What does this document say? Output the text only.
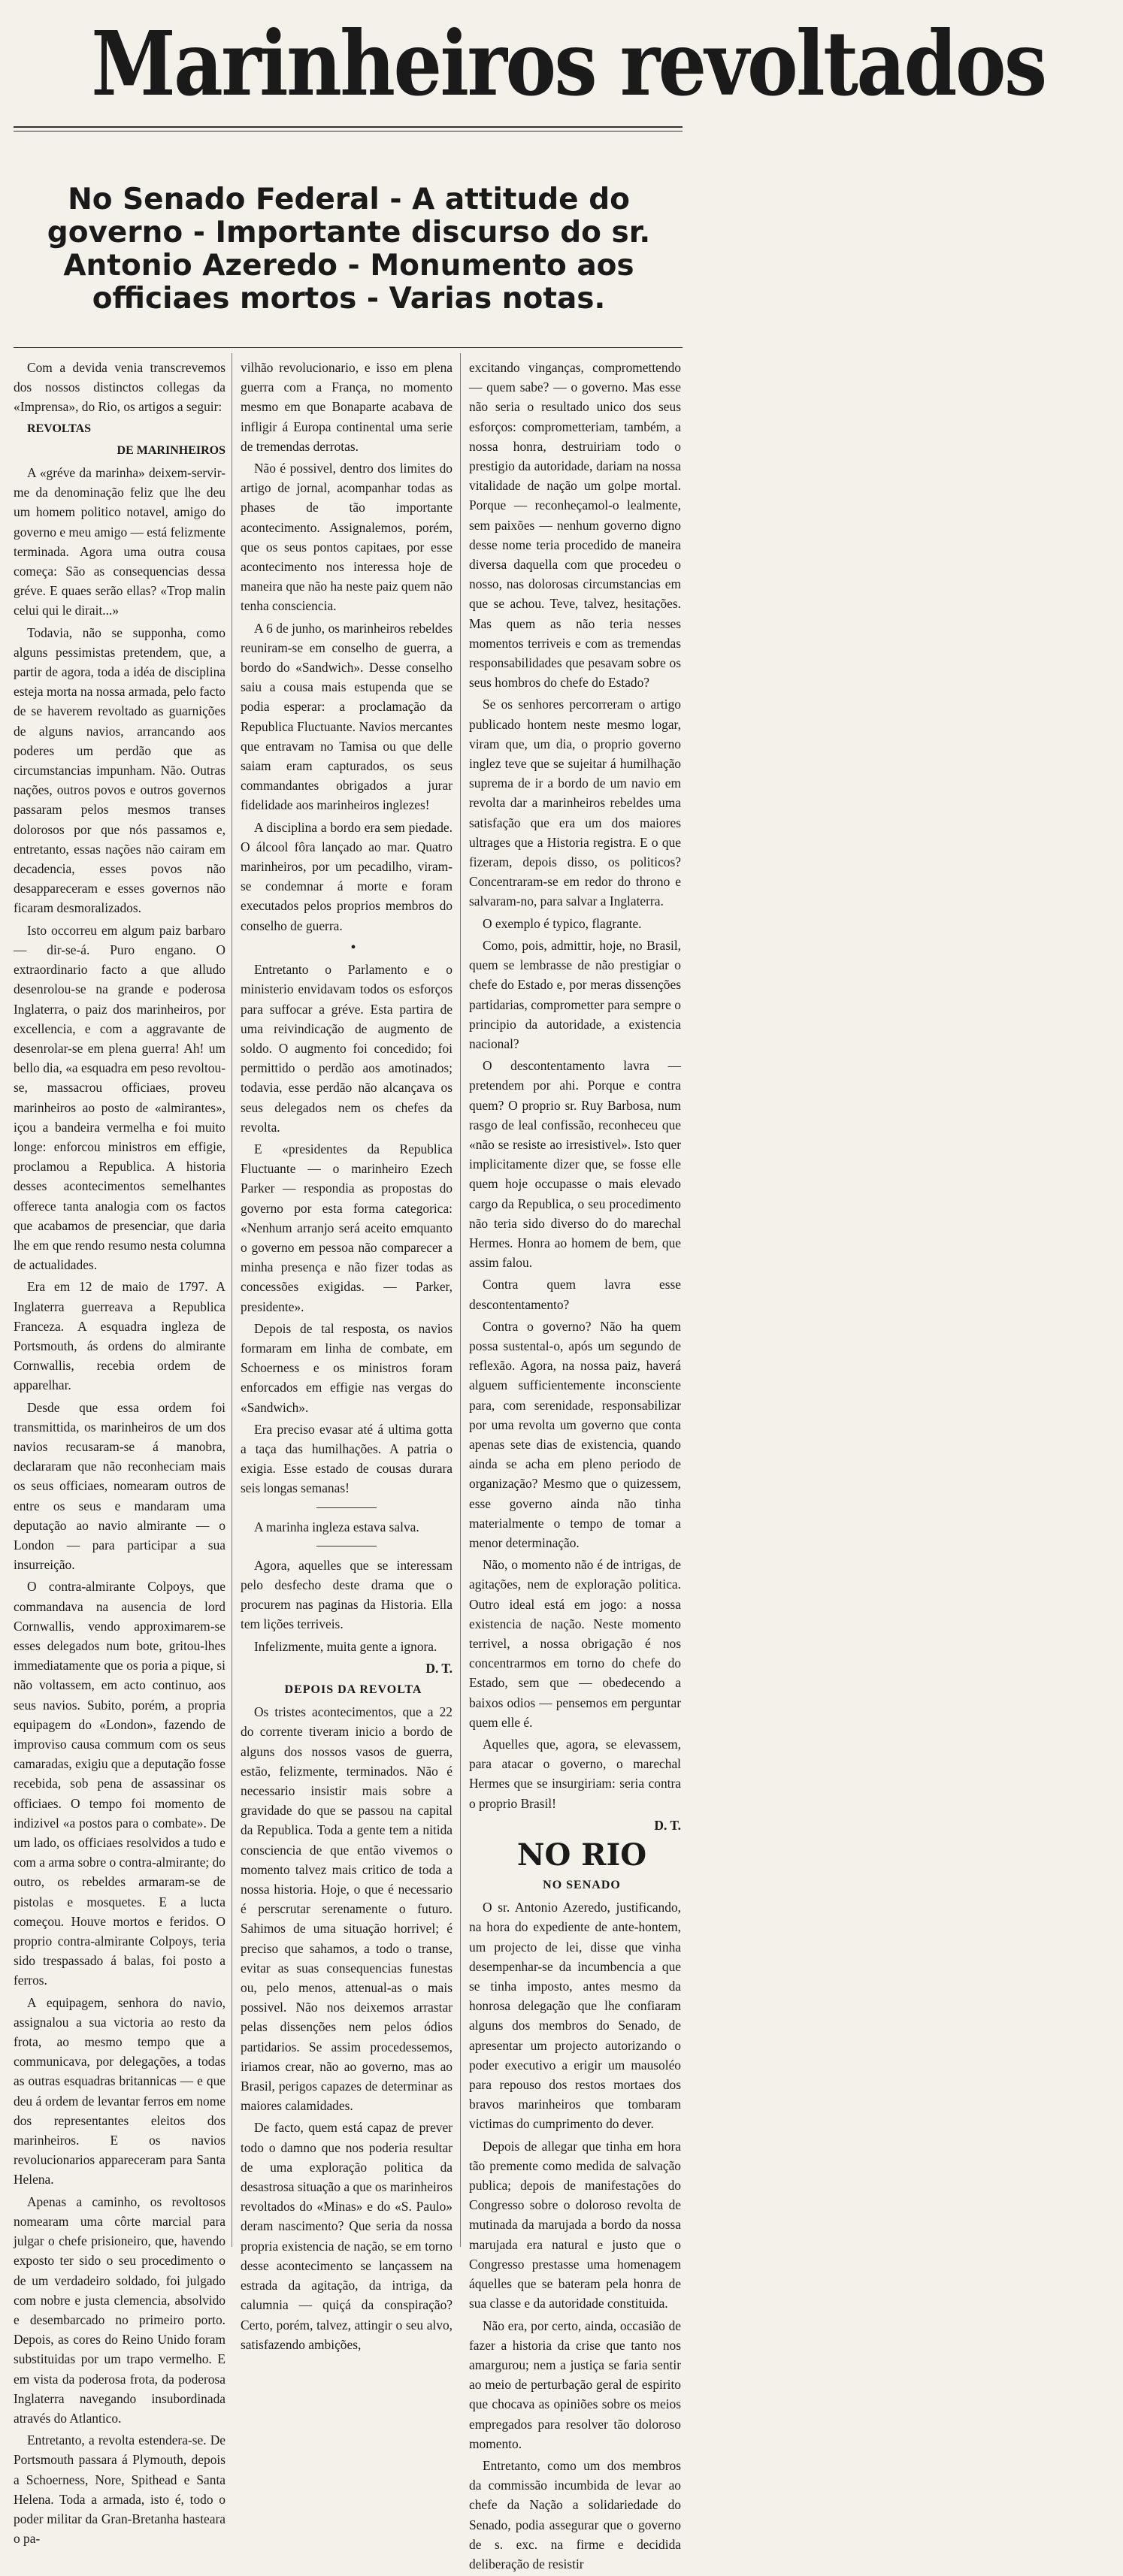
Marinheiros revoltados
No Senado Federal - A attitude do governo - Importante discurso do sr. Antonio Azeredo - Monumento aos officiaes mortos - Varias notas.

Com a devida venia transcrevemos dos nossos distinctos collegas da «Imprensa», do Rio, os artigos a seguir:

REVOLTAS

DE MARINHEIROS

A «gréve da marinha» deixem-servir-me da denominação feliz que lhe deu um homem politico notavel, amigo do governo e meu amigo — está felizmente terminada. Agora uma outra cousa começa: São as consequencias dessa gréve. E quaes serão ellas? «Trop malin celui qui le dirait...»

Todavia, não se supponha, como alguns pessimistas pretendem, que, a partir de agora, toda a idéa de disciplina esteja morta na nossa armada, pelo facto de se haverem revoltado as guarnições de alguns navios, arrancando aos poderes um perdão que as circumstancias impunham. Não. Outras nações, outros povos e outros governos passaram pelos mesmos transes dolorosos por que nós passamos e, entretanto, essas nações não cairam em decadencia, esses povos não desappareceram e esses governos não ficaram desmoralizados.

Isto occorreu em algum paiz barbaro — dir-se-á. Puro engano. O extraordinario facto a que alludo desenrolou-se na grande e poderosa Inglaterra, o paiz dos marinheiros, por excellencia, e com a aggravante de desenrolar-se em plena guerra! Ah! um bello dia, «a esquadra em peso revoltou-se, massacrou officiaes, proveu marinheiros ao posto de «almirantes», içou a bandeira vermelha e foi muito longe: enforcou ministros em effigie, proclamou a Republica. A historia desses acontecimentos semelhantes offerece tanta analogia com os factos que acabamos de presenciar, que daria lhe em que rendo resumo nesta columna de actualidades.

Era em 12 de maio de 1797. A Inglaterra guerreava a Republica Franceza. A esquadra ingleza de Portsmouth, ás ordens do almirante Cornwallis, recebia ordem de apparelhar.

Desde que essa ordem foi transmittida, os marinheiros de um dos navios recusaram-se á manobra, declararam que não reconheciam mais os seus officiaes, nomearam outros de entre os seus e mandaram uma deputação ao navio almirante — o London — para participar a sua insurreição.

O contra-almirante Colpoys, que commandava na ausencia de lord Cornwallis, vendo approximarem-se esses delegados num bote, gritou-lhes immediatamente que os poria a pique, si não voltassem, em acto continuo, aos seus navios. Subito, porém, a propria equipagem do «London», fazendo de improviso causa commum com os seus camaradas, exigiu que a deputação fosse recebida, sob pena de assassinar os officiaes. O tempo foi momento de indizivel «a postos para o combate». De um lado, os officiaes resolvidos a tudo e com a arma sobre o contra-almirante; do outro, os rebeldes armaram-se de pistolas e mosquetes. E a lucta começou. Houve mortos e feridos. O proprio contra-almirante Colpoys, teria sido trespassado á balas, foi posto a ferros.

A equipagem, senhora do navio, assignalou a sua victoria ao resto da frota, ao mesmo tempo que a communicava, por delegações, a todas as outras esquadras britannicas — e que deu á ordem de levantar ferros em nome dos representantes eleitos dos marinheiros. E os navios revolucionarios appareceram para Santa Helena.

Apenas a caminho, os revoltosos nomearam uma côrte marcial para julgar o chefe prisioneiro, que, havendo exposto ter sido o seu procedimento o de um verdadeiro soldado, foi julgado com nobre e justa clemencia, absolvido e desembarcado no primeiro porto. Depois, as cores do Reino Unido foram substituidas por um trapo vermelho. E em vista da poderosa frota, da poderosa Inglaterra navegando insubordinada através do Atlantico.

Entretanto, a revolta estendera-se. De Portsmouth passara á Plymouth, depois a Schoerness, Nore, Spithead e Santa Helena. Toda a armada, isto é, todo o poder militar da Gran-Bretanha hasteara o pa-

vilhão revolucionario, e isso em plena guerra com a França, no momento mesmo em que Bonaparte acabava de infligir á Europa continental uma serie de tremendas derrotas.

Não é possivel, dentro dos limites do artigo de jornal, acompanhar todas as phases de tão importante acontecimento. Assignalemos, porém, que os seus pontos capitaes, por esse acontecimento nos interessa hoje de maneira que não ha neste paiz quem não tenha consciencia.

A 6 de junho, os marinheiros rebeldes reuniram-se em conselho de guerra, a bordo do «Sandwich». Desse conselho saiu a cousa mais estupenda que se podia esperar: a proclamação da Republica Fluctuante. Navios mercantes que entravam no Tamisa ou que delle saiam eram capturados, os seus commandantes obrigados a jurar fidelidade aos marinheiros inglezes!

A disciplina a bordo era sem piedade. O álcool fôra lançado ao mar. Quatro marinheiros, por um pecadilho, viram-se condemnar á morte e foram executados pelos proprios membros do conselho de guerra.

•

Entretanto o Parlamento e o ministerio envidavam todos os esforços para suffocar a gréve. Esta partira de uma reivindicação de augmento de soldo. O augmento foi concedido; foi permittido o perdão aos amotinados; todavia, esse perdão não alcançava os seus delegados nem os chefes da revolta.

E «presidentes da Republica Fluctuante — o marinheiro Ezech Parker — respondia as propostas do governo por esta forma categorica: «Nenhum arranjo será aceito emquanto o governo em pessoa não comparecer a minha presença e não fizer todas as concessões exigidas. — Parker, presidente».

Depois de tal resposta, os navios formaram em linha de combate, em Schoerness e os ministros foram enforcados em effigie nas vergas do «Sandwich».

Era preciso evasar até á ultima gotta a taça das humilhações. A patria o exigia. Esse estado de cousas durara seis longas semanas!

A marinha ingleza estava salva.

Agora, aquelles que se interessam pelo desfecho deste drama que o procurem nas paginas da Historia. Ella tem lições terriveis.

Infelizmente, muita gente a ignora.

D. T.

DEPOIS DA REVOLTA

Os tristes acontecimentos, que a 22 do corrente tiveram inicio a bordo de alguns dos nossos vasos de guerra, estão, felizmente, terminados. Não é necessario insistir mais sobre a gravidade do que se passou na capital da Republica. Toda a gente tem a nitida consciencia de que então vivemos o momento talvez mais critico de toda a nossa historia. Hoje, o que é necessario é perscrutar serenamente o futuro. Sahimos de uma situação horrivel; é preciso que sahamos, a todo o transe, evitar as suas consequencias funestas ou, pelo menos, attenual-as o mais possivel. Não nos deixemos arrastar pelas dissenções nem pelos ódios partidarios. Se assim procedessemos, iriamos crear, não ao governo, mas ao Brasil, perigos capazes de determinar as maiores calamidades.

De facto, quem está capaz de prever todo o damno que nos poderia resultar de uma exploração politica da desastrosa situação a que os marinheiros revoltados do «Minas» e do «S. Paulo» deram nascimento? Que seria da nossa propria existencia de nação, se em torno desse acontecimento se lançassem na estrada da agitação, da intriga, da calumnia — quiçá da conspiração? Certo, porém, talvez, attingir o seu alvo, satisfazendo ambições,

excitando vinganças, compromettendo — quem sabe? — o governo. Mas esse não seria o resultado unico dos seus esforços: comprometteriam, também, a nossa honra, destruiriam todo o prestigio da autoridade, dariam na nossa vitalidade de nação um golpe mortal. Porque — reconheçamol-o lealmente, sem paixões — nenhum governo digno desse nome teria procedido de maneira diversa daquella com que procedeu o nosso, nas dolorosas circumstancias em que se achou. Teve, talvez, hesitações. Mas quem as não teria nesses momentos terriveis e com as tremendas responsabilidades que pesavam sobre os seus hombros do chefe do Estado?

Se os senhores percorreram o artigo publicado hontem neste mesmo logar, viram que, um dia, o proprio governo inglez teve que se sujeitar á humilhação suprema de ir a bordo de um navio em revolta dar a marinheiros rebeldes uma satisfação que era um dos maiores ultrages que a Historia registra. E o que fizeram, depois disso, os politicos? Concentraram-se em redor do throno e salvaram-no, para salvar a Inglaterra.

O exemplo é typico, flagrante.

Como, pois, admittir, hoje, no Brasil, quem se lembrasse de não prestigiar o chefe do Estado e, por meras dissenções partidarias, comprometter para sempre o principio da autoridade, a existencia nacional?

O descontentamento lavra — pretendem por ahi. Porque e contra quem? O proprio sr. Ruy Barbosa, num rasgo de leal confissão, reconheceu que «não se resiste ao irresistivel». Isto quer implicitamente dizer que, se fosse elle quem hoje occupasse o mais elevado cargo da Republica, o seu procedimento não teria sido diverso do do marechal Hermes. Honra ao homem de bem, que assim falou.

Contra quem lavra esse descontentamento?

Contra o governo? Não ha quem possa sustental-o, após um segundo de reflexão. Agora, na nossa paiz, haverá alguem sufficientemente inconsciente para, com serenidade, responsabilizar por uma revolta um governo que conta apenas sete dias de existencia, quando ainda se acha em pleno periodo de organização? Mesmo que o quizessem, esse governo ainda não tinha materialmente o tempo de tomar a menor determinação.

Não, o momento não é de intrigas, de agitações, nem de exploração politica. Outro ideal está em jogo: a nossa existencia de nação. Neste momento terrivel, a nossa obrigação é nos concentrarmos em torno do chefe do Estado, sem que — obedecendo a baixos odios — pensemos em perguntar quem elle é.

Aquelles que, agora, se elevassem, para atacar o governo, o marechal Hermes que se insurgiriam: seria contra o proprio Brasil!

D. T.

NO RIO

NO SENADO

O sr. Antonio Azeredo, justificando, na hora do expediente de ante-hontem, um projecto de lei, disse que vinha desempenhar-se da incumbencia a que se tinha imposto, antes mesmo da honrosa delegação que lhe confiaram alguns dos membros do Senado, de apresentar um projecto autorizando o poder executivo a erigir um mausoléo para repouso dos restos mortaes dos bravos marinheiros que tombaram victimas do cumprimento do dever.

Depois de allegar que tinha em hora tão premente como medida de salvação publica; depois de manifestações do Congresso sobre o doloroso revolta de mutinada da marujada a bordo da nossa marujada era natural e justo que o Congresso prestasse uma homenagem áquelles que se bateram pela honra de sua classe e da autoridade constituida.

Não era, por certo, ainda, occasião de fazer a historia da crise que tanto nos amargurou; nem a justiça se faria sentir ao meio de perturbação geral de espirito que chocava as opiniões sobre os meios empregados para resolver tão doloroso momento.

Entretanto, como um dos membros da commissão incumbida de levar ao chefe da Nação a solidariedade do Senado, podia assegurar que o governo de s. exc. na firme e decidida deliberação de resistir
